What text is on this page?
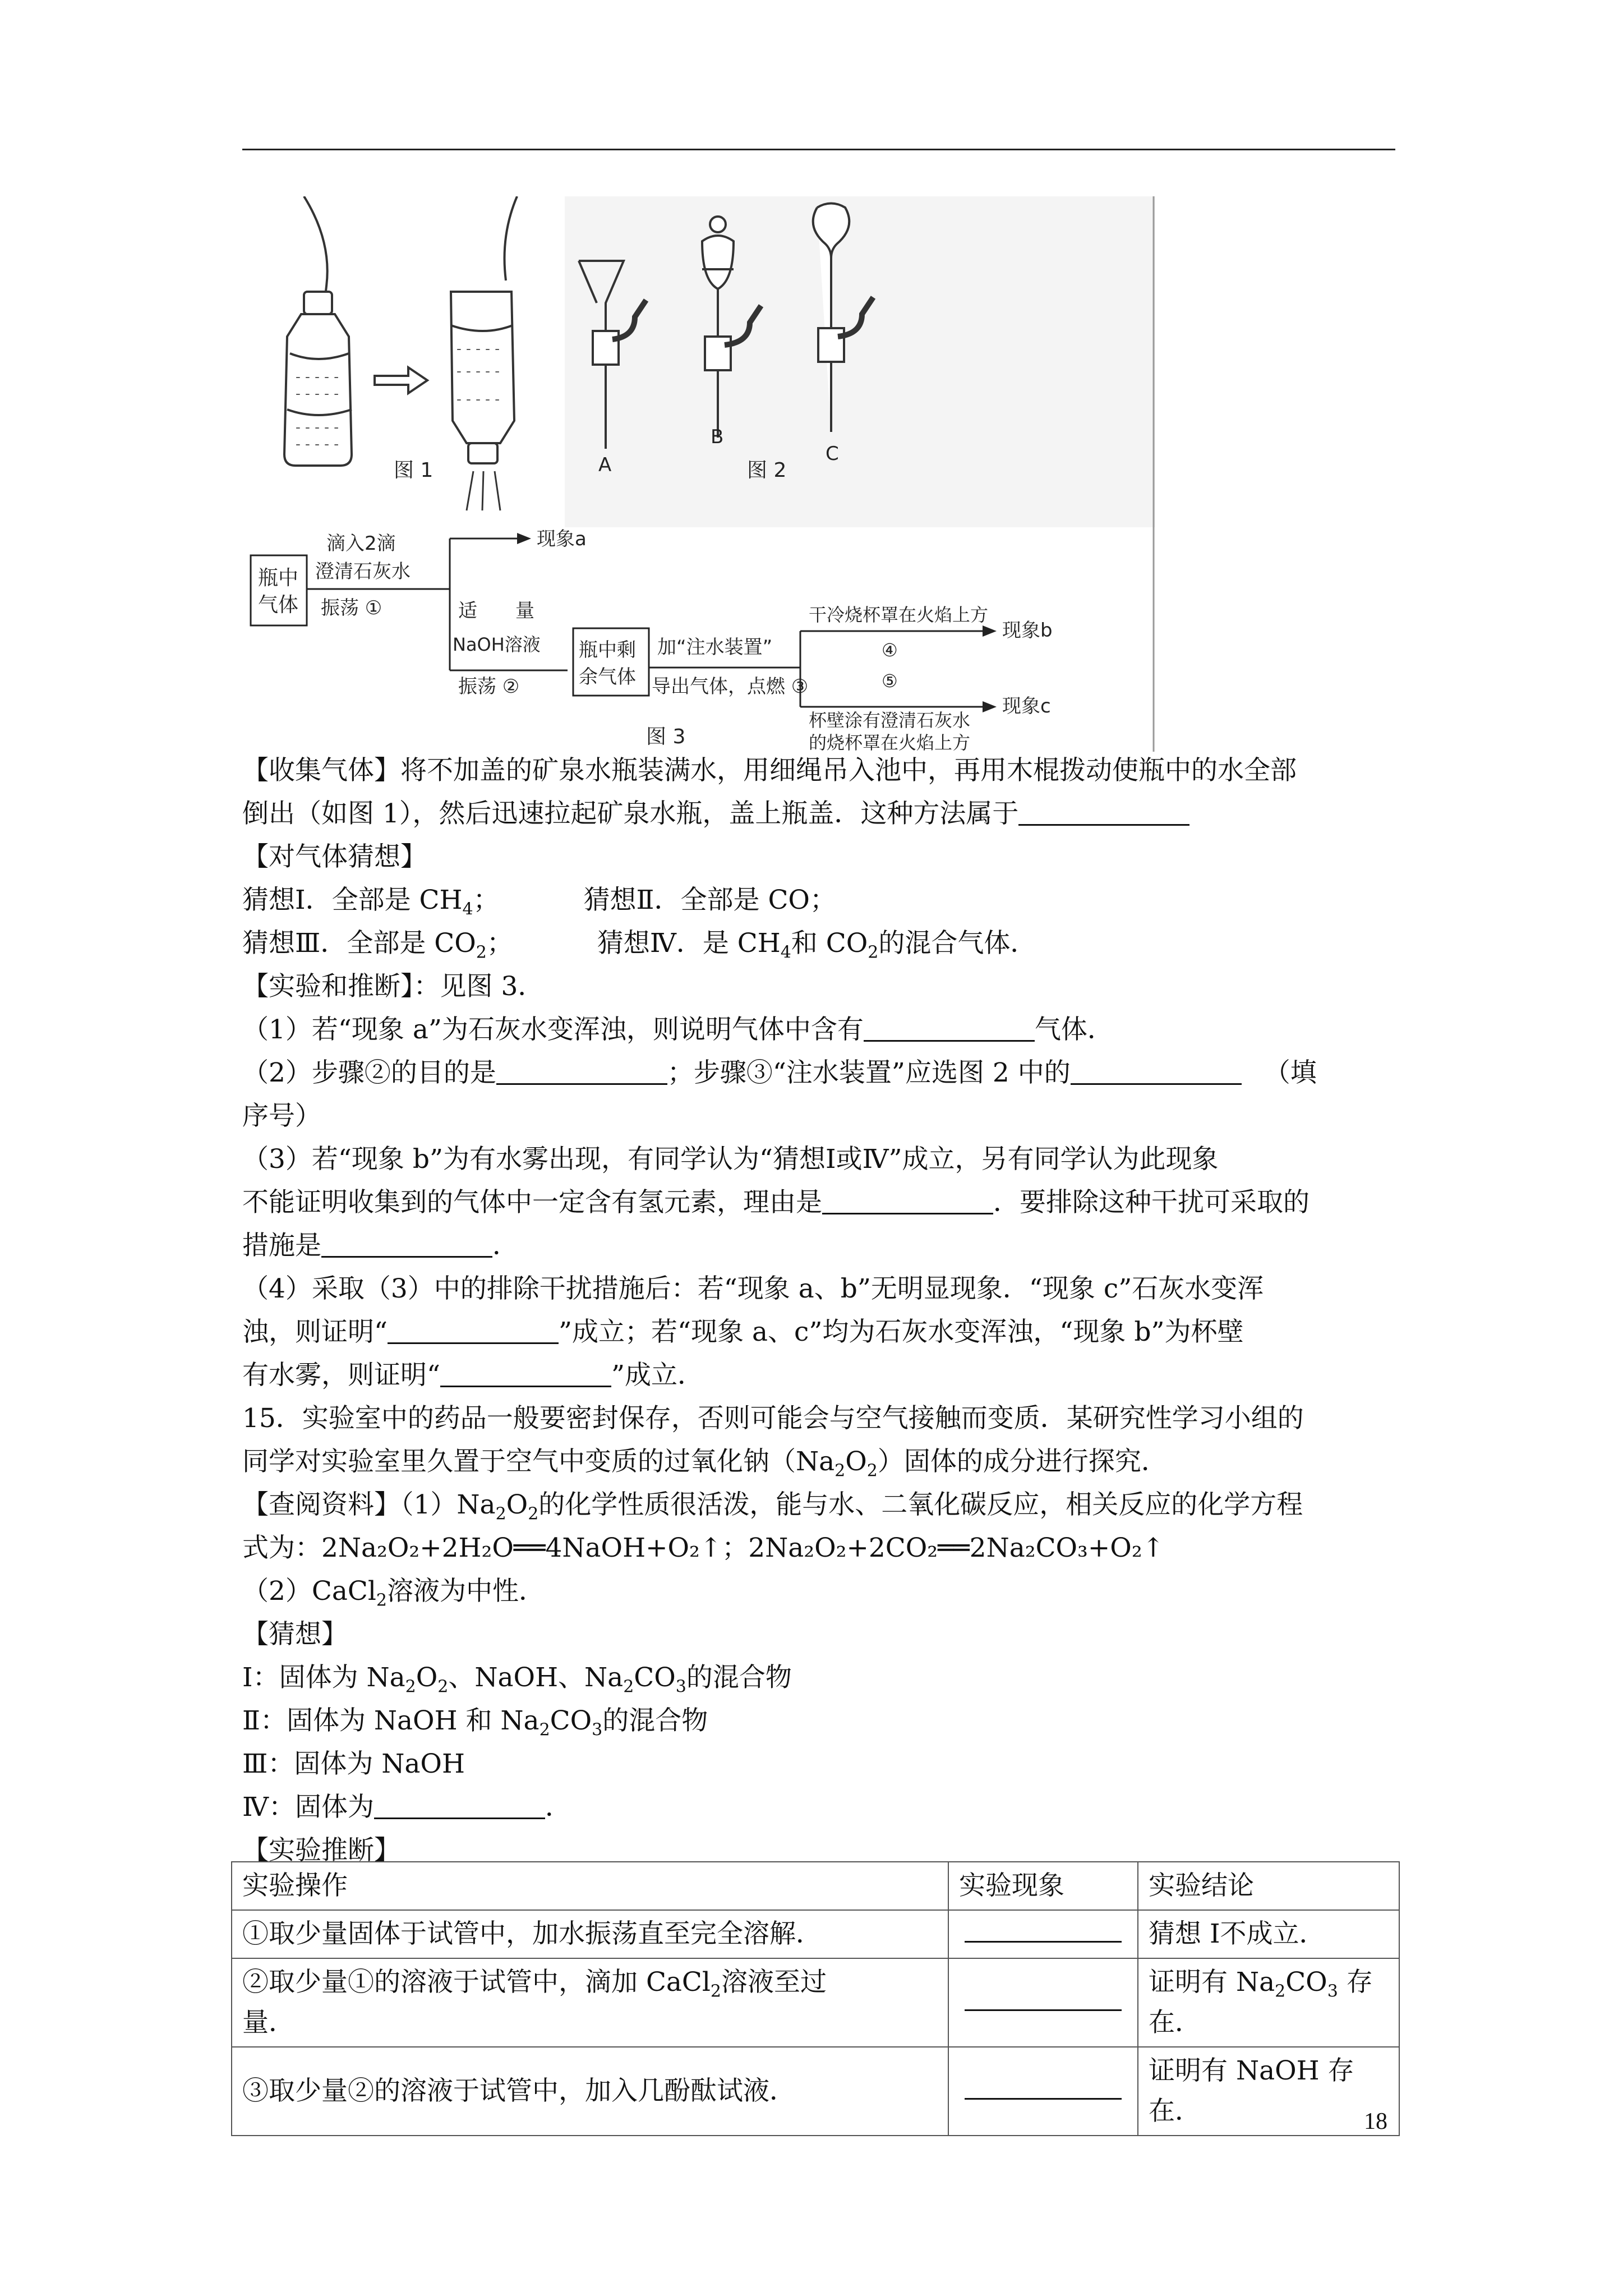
- - - - -
- - - - -
- - - - -
- - - - -
- - - - -
- - - - -
- - - - -
图 1	A
B
图 2
C
瓶中
气体
滴入2滴
澄清石灰水
振荡 ①
现象a
适　　量
NaOH溶液
振荡 ②
瓶中剩
余气体
加“注水装置”
导出气体，点燃 ③
干冷烧杯罩在火焰上方
④
⑤
杯壁涂有澄清石灰水
的烧杯罩在火焰上方
现象b
现象c
图 3

【收集气体】将不加盖的矿泉水瓶装满水，用细绳吊入池中，再用木棍拨动使瓶中的水全部

倒出（如图 1），然后迅速拉起矿泉水瓶，盖上瓶盖．这种方法属于

【对气体猜想】

猜想Ⅰ．全部是 $CH_4$；	猜想Ⅱ．全部是 CO；

猜想Ⅲ．全部是 $CO_2$；	猜想Ⅳ．是 $CH_4$和 $CO_2$的混合气体．

【实验和推断】：见图 3．

（1）若“现象 a”为石灰水变浑浊，则说明气体中含有	气体．

（2）步骤②的目的是	；步骤③“注水装置”应选图 2 中的	（填

序号）

（3）若“现象 b”为有水雾出现，有同学认为“猜想Ⅰ或Ⅳ”成立，另有同学认为此现象

不能证明收集到的气体中一定含有氢元素，理由是	．要排除这种干扰可采取的

措施是	．

（4）采取（3）中的排除干扰措施后：若“现象 a、b”无明显现象．“现象 c”石灰水变浑

浊，则证明“	”成立；若“现象 a、c”均为石灰水变浑浊，“现象 b”为杯壁

有水雾，则证明“	”成立．

15．实验室中的药品一般要密封保存，否则可能会与空气接触而变质．某研究性学习小组的

同学对实验室里久置于空气中变质的过氧化钠$(Na_2O_2)$固体的成分进行探究．

【查阅资料】$(1)Na_2O_2$的化学性质很活泼，能与水、二氧化碳反应，相关反应的化学方程

式为：2Na₂O₂+2H₂O══4NaOH+O₂↑；2Na₂O₂+2CO₂══2Na₂CO₃+O₂↑

（2）CaCl$_2$溶液为中性．

【猜想】

Ⅰ：固体为 $Na_2O_2$、NaOH、$Na_2CO_3$的混合物

Ⅱ：固体为 NaOH 和 $Na_2CO_3$的混合物

Ⅲ：固体为 NaOH

Ⅳ：固体为	．

【实验推断】

实验操作	实验现象	实验结论
①取少量固体于试管中，加水振荡直至完全溶解．		猜想 Ⅰ不成立．
②取少量①的溶液于试管中，滴加 CaCl$_2$溶液至过
量．		证明有 $Na_2CO_3$ 存
在．
③取少量②的溶液于试管中，加入几酚酞试液．		证明有 NaOH 存在．	18
